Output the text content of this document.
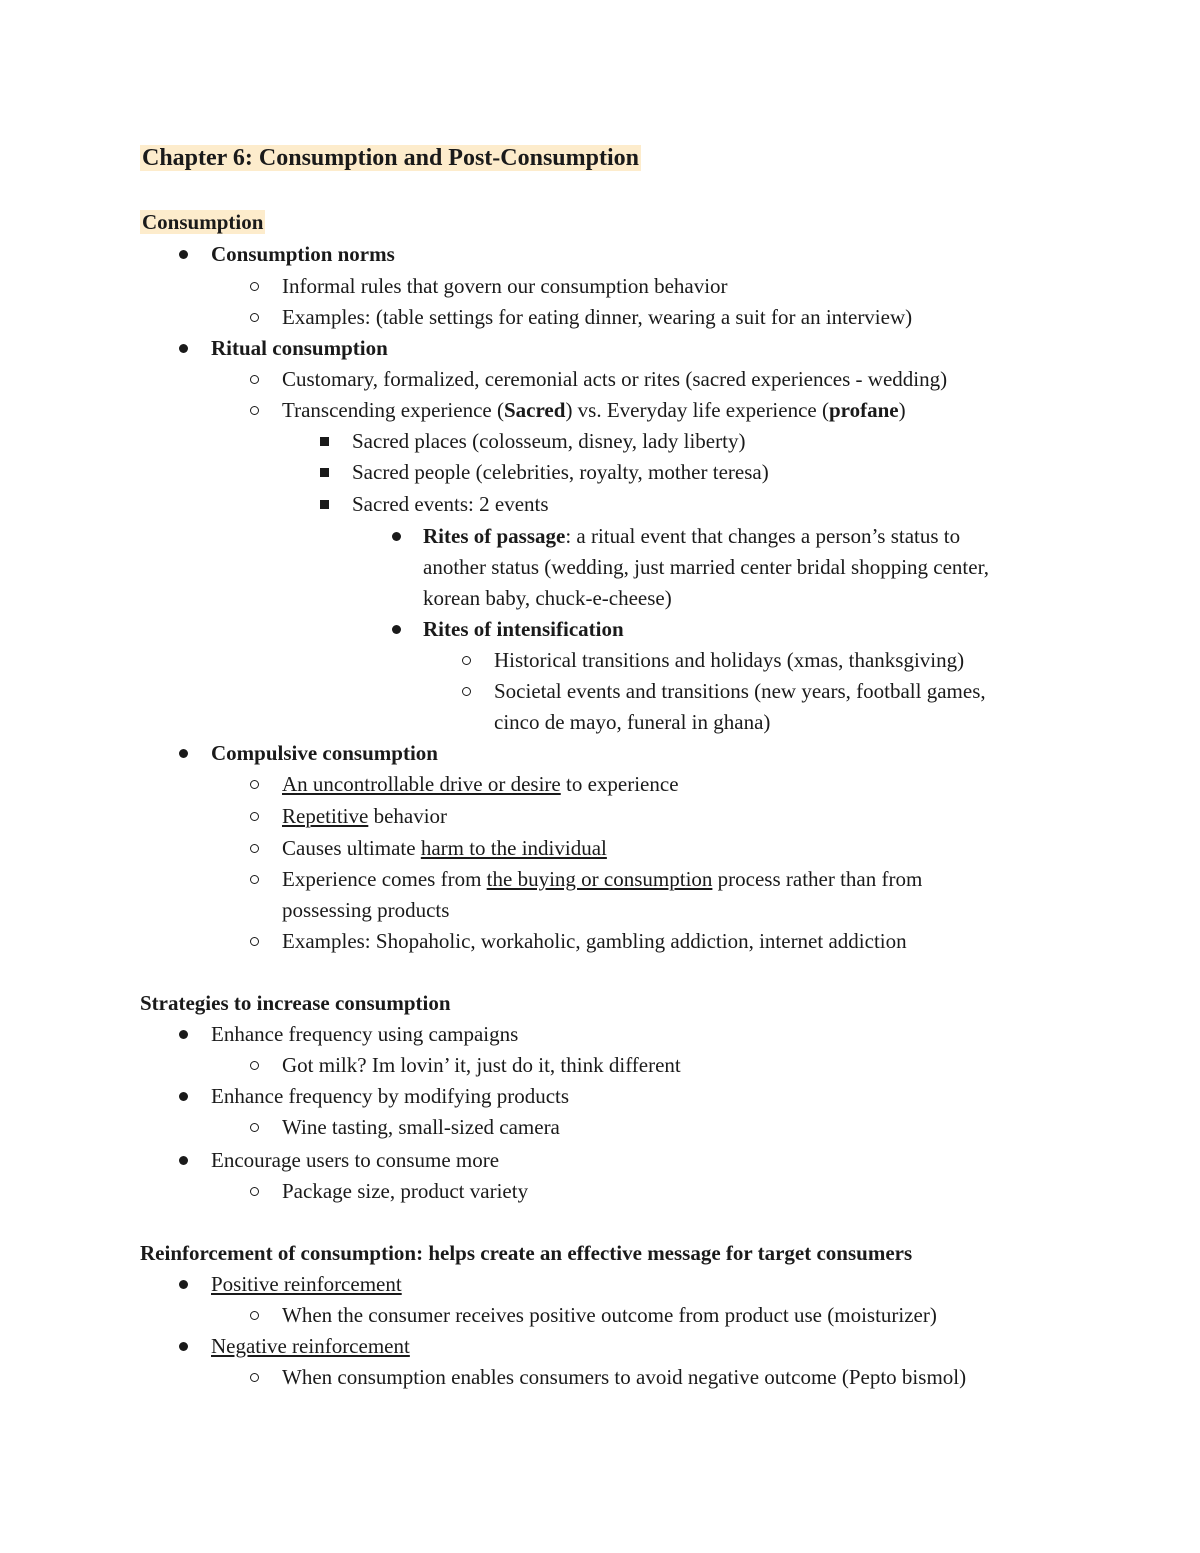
Chapter 6: Consumption and Post-Consumption
Consumption
Consumption norms
Informal rules that govern our consumption behavior
Examples: (table settings for eating dinner, wearing a suit for an interview)
Ritual consumption
Customary, formalized, ceremonial acts or rites (sacred experiences - wedding)
Transcending experience (Sacred) vs. Everyday life experience (profane)
Sacred places (colosseum, disney, lady liberty)
Sacred people (celebrities, royalty, mother teresa)
Sacred events: 2 events
Rites of passage: a ritual event that changes a person’s status to
another status (wedding, just married center bridal shopping center,
korean baby, chuck-e-cheese)
Rites of intensification
Historical transitions and holidays (xmas, thanksgiving)
Societal events and transitions (new years, football games,
cinco de mayo, funeral in ghana)
Compulsive consumption
An uncontrollable drive or desire to experience
Repetitive behavior
Causes ultimate harm to the individual
Experience comes from the buying or consumption process rather than from
possessing products
Examples: Shopaholic, workaholic, gambling addiction, internet addiction
Strategies to increase consumption
Enhance frequency using campaigns
Got milk? Im lovin’ it, just do it, think different
Enhance frequency by modifying products
Wine tasting, small-sized camera
Encourage users to consume more
Package size, product variety
Reinforcement of consumption: helps create an effective message for target consumers
Positive reinforcement
When the consumer receives positive outcome from product use (moisturizer)
Negative reinforcement
When consumption enables consumers to avoid negative outcome (Pepto bismol)
